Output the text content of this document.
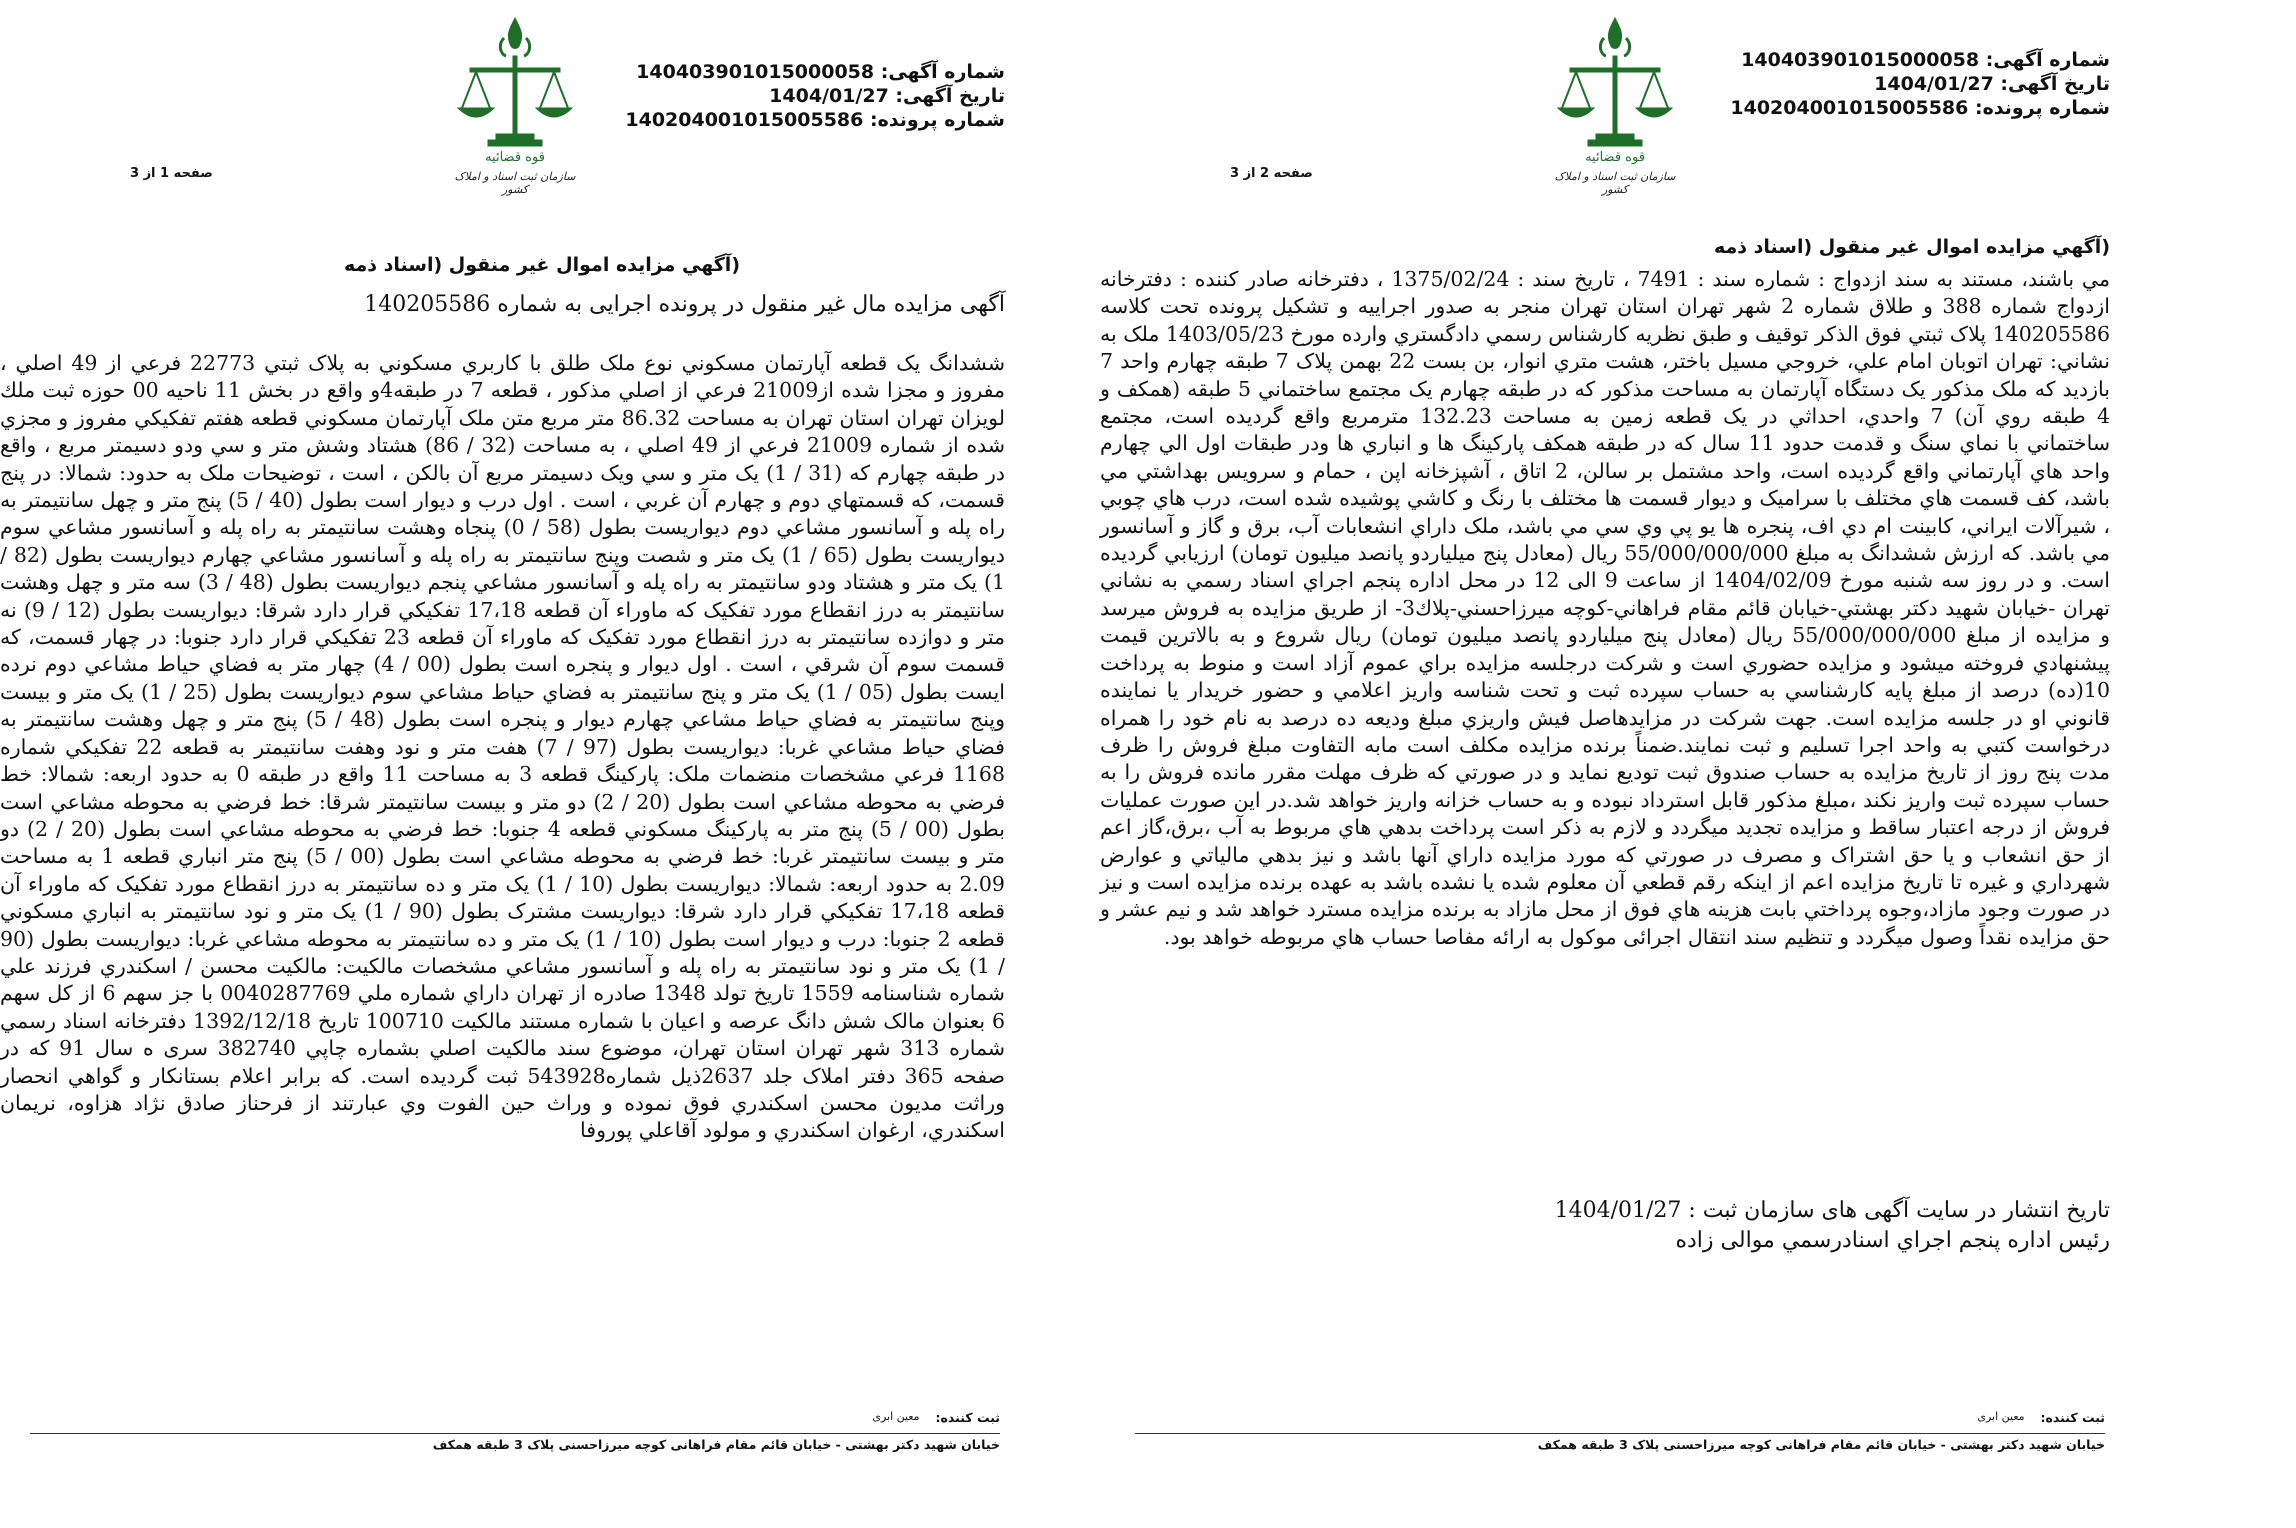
شماره آگهی: 140403901015000058
تاریخ آگهی: 1404/01/27
شماره پرونده: 140204001015005586
قوه قضائیه
سازمان ثبت اسناد و املاک کشور
صفحه 2 از 3
(آگهي مزايده اموال غير منقول (اسناد ذمه
مي باشند، مستند به سند ازدواج : شماره سند : 7491 ، تاريخ سند : 1375/02/24 ، دفترخانه صادر كننده : دفترخانه ازدواج شماره 388 و طلاق شماره 2 شهر تهران استان تهران منجر به صدور اجراييه و تشكيل پرونده تحت كلاسه 140205586 پلاک ثبتي فوق الذكر توقيف و طبق نظريه كارشناس رسمي دادگستري وارده مورخ 1403/05/23 ملک به نشاني: تهران اتوبان امام علي، خروجي مسيل باختر، هشت متري انوار، بن بست 22 بهمن پلاک 7 طبقه چهارم واحد 7 بازديد كه ملک مذكور يک دستگاه آپارتمان به مساحت مذكور كه در طبقه چهارم يک مجتمع ساختماني 5 طبقه (همكف و 4 طبقه روي آن) 7 واحدي، احداثي در يک قطعه زمين به مساحت 132.23 مترمربع واقع گرديده است، مجتمع ساختماني با نماي سنگ و قدمت حدود 11 سال كه در طبقه همكف پاركينگ ها و انباري ها ودر طبقات اول الي چهارم واحد هاي آپارتماني واقع گرديده است، واحد مشتمل بر سالن، 2 اتاق ، آشپزخانه اپن ، حمام و سرويس بهداشتي مي باشد، كف قسمت هاي مختلف با سراميک و ديوار قسمت ها مختلف با رنگ و كاشي پوشيده شده است، درب هاي چوبي ، شيرآلات ايراني، كابينت ام دي اف، پنجره ها يو پي وي سي مي باشد، ملک داراي انشعابات آب، برق و گاز و آسانسور مي باشد. كه ارزش ششدانگ به مبلغ 55/000/000/000 ريال (معادل پنج ميلياردو پانصد ميليون تومان) ارزيابي گرديده است. و در روز سه شنبه مورخ 1404/02/09 از ساعت 9 الی 12 در محل اداره پنجم اجراي اسناد رسمي به نشاني تهران -خيابان شهيد دكتر بهشتي-خيابان قائم مقام فراهاني-كوچه ميرزاحسني-پلاك3- از طريق مزايده به فروش ميرسد و مزايده از مبلغ 55/000/000/000 ريال (معادل پنج ميلياردو پانصد ميليون تومان) ريال شروع و به بالاترين قيمت پيشنهادي فروخته ميشود و مزايده حضوري است و شركت درجلسه مزايده براي عموم آزاد است و منوط به پرداخت 10(ده) درصد از مبلغ پايه كارشناسي به حساب سپرده ثبت و تحت شناسه واريز اعلامي و حضور خريدار يا نماينده قانوني او در جلسه مزايده است. جهت شركت در مزايدهاصل فيش واريزي مبلغ وديعه ده درصد به نام خود را همراه درخواست كتبي به واحد اجرا تسليم و ثبت نمايند.ضمناً برنده مزايده مكلف است مابه التفاوت مبلغ فروش را ظرف مدت پنج روز از تاريخ مزايده به حساب صندوق ثبت توديع نمايد و در صورتي كه ظرف مهلت مقرر مانده فروش را به حساب سپرده ثبت واريز نكند ،مبلغ مذكور قابل استرداد نبوده و به حساب خزانه واريز خواهد شد.در اين صورت عمليات فروش از درجه اعتبار ساقط و مزايده تجديد ميگردد و لازم به ذكر است پرداخت بدهي هاي مربوط به آب ،برق،گاز اعم از حق انشعاب و يا حق اشتراک و مصرف در صورتي كه مورد مزايده داراي آنها باشد و نيز بدهي مالياتي و عوارض شهرداري و غيره تا تاريخ مزايده اعم از اينكه رقم قطعي آن معلوم شده يا نشده باشد به عهده برنده مزايده است و نيز در صورت وجود مازاد،وجوه پرداختي بابت هزينه هاي فوق از محل مازاد به برنده مزايده مسترد خواهد شد و نيم عشر و حق مزايده نقداً وصول ميگردد و تنظيم سند انتقال اجرائی موكول به ارائه مفاصا حساب هاي مربوطه خواهد بود.
تاريخ انتشار در سايت آگهی های سازمان ثبت : 1404/01/27
رئيس اداره پنجم اجراي اسنادرسمي موالی زاده
ثبت كننده:
معین ابری
خیابان شهید دکتر بهشتی - خیابان قائم مقام فراهانی کوچه میرزاحسنی پلاک 3 طبقه همکف
شماره آگهی: 140403901015000058
تاریخ آگهی: 1404/01/27
شماره پرونده: 140204001015005586
قوه قضائیه
سازمان ثبت اسناد و املاک کشور
صفحه 1 از 3
(آگهي مزايده اموال غير منقول (اسناد ذمه
آگهی مزایده مال غیر منقول در پرونده اجرایی به شماره 140205586
ششدانگ يک قطعه آپارتمان مسكوني نوع ملک طلق با كاربري مسكوني به پلاک ثبتي 22773 فرعي از 49 اصلي ، مفروز و مجزا شده از21009 فرعي از اصلي مذكور ، قطعه 7 در طبقه4و واقع در بخش 11 ناحيه 00 حوزه ثبت ملك لويزان تهران استان تهران به مساحت 86.32 متر مربع متن ملک آپارتمان مسكوني قطعه هفتم تفكيكي مفروز و مجزي شده از شماره 21009 فرعي از 49 اصلي ، به مساحت (32 / 86) هشتاد وشش متر و سي ودو دسيمتر مربع ، واقع در طبقه چهارم كه (31 / 1) يک متر و سي ويک دسيمتر مربع آن بالكن ، است ، توضيحات ملک به حدود: شمالا: در پنج قسمت، كه قسمتهاي دوم و چهارم آن غربي ، است . اول درب و ديوار است بطول (40 / 5) پنج متر و چهل سانتيمتر به راه پله و آسانسور مشاعي دوم ديواريست بطول (58 / 0) پنجاه وهشت سانتيمتر به راه پله و آسانسور مشاعي سوم ديواريست بطول (65 / 1) يک متر و شصت وپنج سانتيمتر به راه پله و آسانسور مشاعي چهارم ديواريست بطول (82 / 1) يک متر و هشتاد ودو سانتيمتر به راه پله و آسانسور مشاعي پنجم ديواريست بطول (48 / 3) سه متر و چهل وهشت سانتيمتر به درز انقطاع مورد تفكيک كه ماوراء آن قطعه 17،18 تفكيكي قرار دارد شرقا: ديواريست بطول (12 / 9) نه متر و دوازده سانتيمتر به درز انقطاع مورد تفكيک كه ماوراء آن قطعه 23 تفكيكي قرار دارد جنوبا: در چهار قسمت، كه قسمت سوم آن شرقي ، است . اول ديوار و پنجره است بطول (00 / 4) چهار متر به فضاي حياط مشاعي دوم نرده ايست بطول (05 / 1) يک متر و پنج سانتيمتر به فضاي حياط مشاعي سوم ديواريست بطول (25 / 1) يک متر و بيست وپنج سانتيمتر به فضاي حياط مشاعي چهارم ديوار و پنجره است بطول (48 / 5) پنج متر و چهل وهشت سانتيمتر به فضاي حياط مشاعي غربا: ديواريست بطول (97 / 7) هفت متر و نود وهفت سانتيمتر به قطعه 22 تفكيكي شماره 1168 فرعي مشخصات منضمات ملک: پاركينگ قطعه 3 به مساحت 11 واقع در طبقه 0 به حدود اربعه: شمالا: خط فرضي به محوطه مشاعي است بطول (20 / 2) دو متر و بيست سانتيمتر شرقا: خط فرضي به محوطه مشاعي است بطول (00 / 5) پنج متر به پاركينگ مسكوني قطعه 4 جنوبا: خط فرضي به محوطه مشاعي است بطول (20 / 2) دو متر و بيست سانتيمتر غربا: خط فرضي به محوطه مشاعي است بطول (00 / 5) پنج متر انباري قطعه 1 به مساحت 2.09 به حدود اربعه: شمالا: ديواريست بطول (10 / 1) يک متر و ده سانتيمتر به درز انقطاع مورد تفكيک كه ماوراء آن قطعه 17،18 تفكيكي قرار دارد شرقا: ديواريست مشترک بطول (90 / 1) يک متر و نود سانتيمتر به انباري مسكوني قطعه 2 جنوبا: درب و ديوار است بطول (10 / 1) يک متر و ده سانتيمتر به محوطه مشاعي غربا: ديواريست بطول (90 / 1) يک متر و نود سانتيمتر به راه پله و آسانسور مشاعي مشخصات مالكيت: مالكيت محسن / اسكندري فرزند علي شماره شناسنامه 1559 تاريخ تولد 1348 صادره از تهران داراي شماره ملي 0040287769 با جز سهم 6 از كل سهم 6 بعنوان مالک شش دانگ عرصه و اعيان با شماره مستند مالكيت 100710 تاريخ 1392/12/18 دفترخانه اسناد رسمي شماره 313 شهر تهران استان تهران، موضوع سند مالكيت اصلي بشماره چاپي 382740 سری ه سال 91 كه در صفحه 365 دفتر املاک جلد 2637ذيل شماره543928 ثبت گرديده است. كه برابر اعلام بستانكار و گواهي انحصار وراثت مديون محسن اسكندري فوق نموده و وراث حين الفوت وي عبارتند از فرحناز صادق نژاد هزاوه، نريمان اسكندري، ارغوان اسكندري و مولود آقاعلي پوروفا
ثبت كننده:
معین ابری
خیابان شهید دکتر بهشتی - خیابان قائم مقام فراهانی کوچه میرزاحسنی پلاک 3 طبقه همکف
